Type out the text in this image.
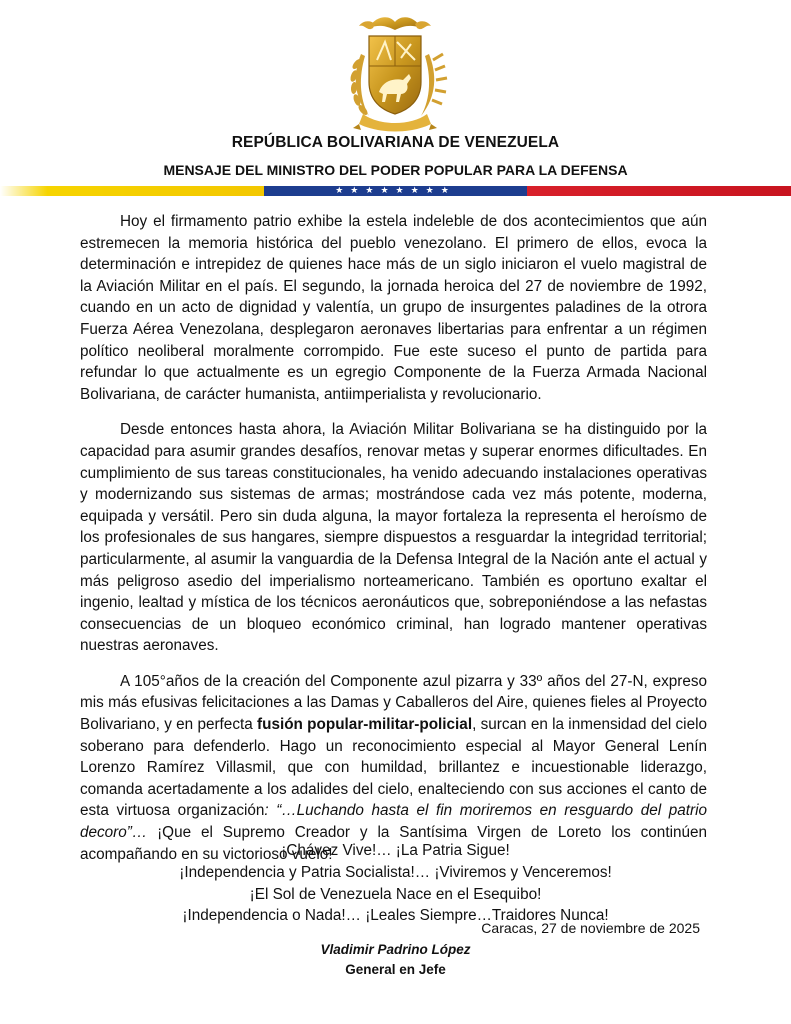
REPÚBLICA BOLIVARIANA DE VENEZUELA
MENSAJE DEL MINISTRO DEL PODER POPULAR PARA LA DEFENSA
★★★★★★★★

Hoy el firmamento patrio exhibe la estela indeleble de dos acontecimientos que aún estremecen la memoria histórica del pueblo venezolano. El primero de ellos, evoca la determinación e intrepidez de quienes hace más de un siglo iniciaron el vuelo magistral de la Aviación Militar en el país. El segundo, la jornada heroica del 27 de noviembre de 1992, cuando en un acto de dignidad y valentía, un grupo de insurgentes paladines de la otrora Fuerza Aérea Venezolana, desplegaron aeronaves libertarias para enfrentar a un régimen político neoliberal moralmente corrompido. Fue este suceso el punto de partida para refundar lo que actualmente es un egregio Componente de la Fuerza Armada Nacional Bolivariana, de carácter humanista, antiimperialista y revolucionario.

Desde entonces hasta ahora, la Aviación Militar Bolivariana se ha distinguido por la capacidad para asumir grandes desafíos, renovar metas y superar enormes dificultades. En cumplimiento de sus tareas constitucionales, ha venido adecuando instalaciones operativas y modernizando sus sistemas de armas; mostrándose cada vez más potente, moderna, equipada y versátil. Pero sin duda alguna, la mayor fortaleza la representa el heroísmo de los profesionales de sus hangares, siempre dispuestos a resguardar la integridad territorial; particularmente, al asumir la vanguardia de la Defensa Integral de la Nación ante el actual y más peligroso asedio del imperialismo norteamericano. También es oportuno exaltar el ingenio, lealtad y mística de los técnicos aeronáuticos que, sobreponiéndose a las nefastas consecuencias de un bloqueo económico criminal, han logrado mantener operativas nuestras aeronaves.

A 105°años de la creación del Componente azul pizarra y 33º años del 27-N, expreso mis más efusivas felicitaciones a las Damas y Caballeros del Aire, quienes fieles al Proyecto Bolivariano, y en perfecta fusión popular-militar-policial, surcan en la inmensidad del cielo soberano para defenderlo. Hago un reconocimiento especial al Mayor General Lenín Lorenzo Ramírez Villasmil, que con humildad, brillantez e incuestionable liderazgo, comanda acertadamente a los adalides del cielo, enalteciendo con sus acciones el canto de esta virtuosa organización: “…Luchando hasta el fin moriremos en resguardo del patrio decoro”… ¡Que el Supremo Creador y la Santísima Virgen de Loreto los continúen acompañando en su victorioso vuelo!

¡Chávez Vive!… ¡La Patria Sigue!
¡Independencia y Patria Socialista!… ¡Viviremos y Venceremos!
¡El Sol de Venezuela Nace en el Esequibo!
¡Independencia o Nada!… ¡Leales Siempre…Traidores Nunca!
Caracas, 27 de noviembre de 2025
Vladimir Padrino López
General en Jefe
